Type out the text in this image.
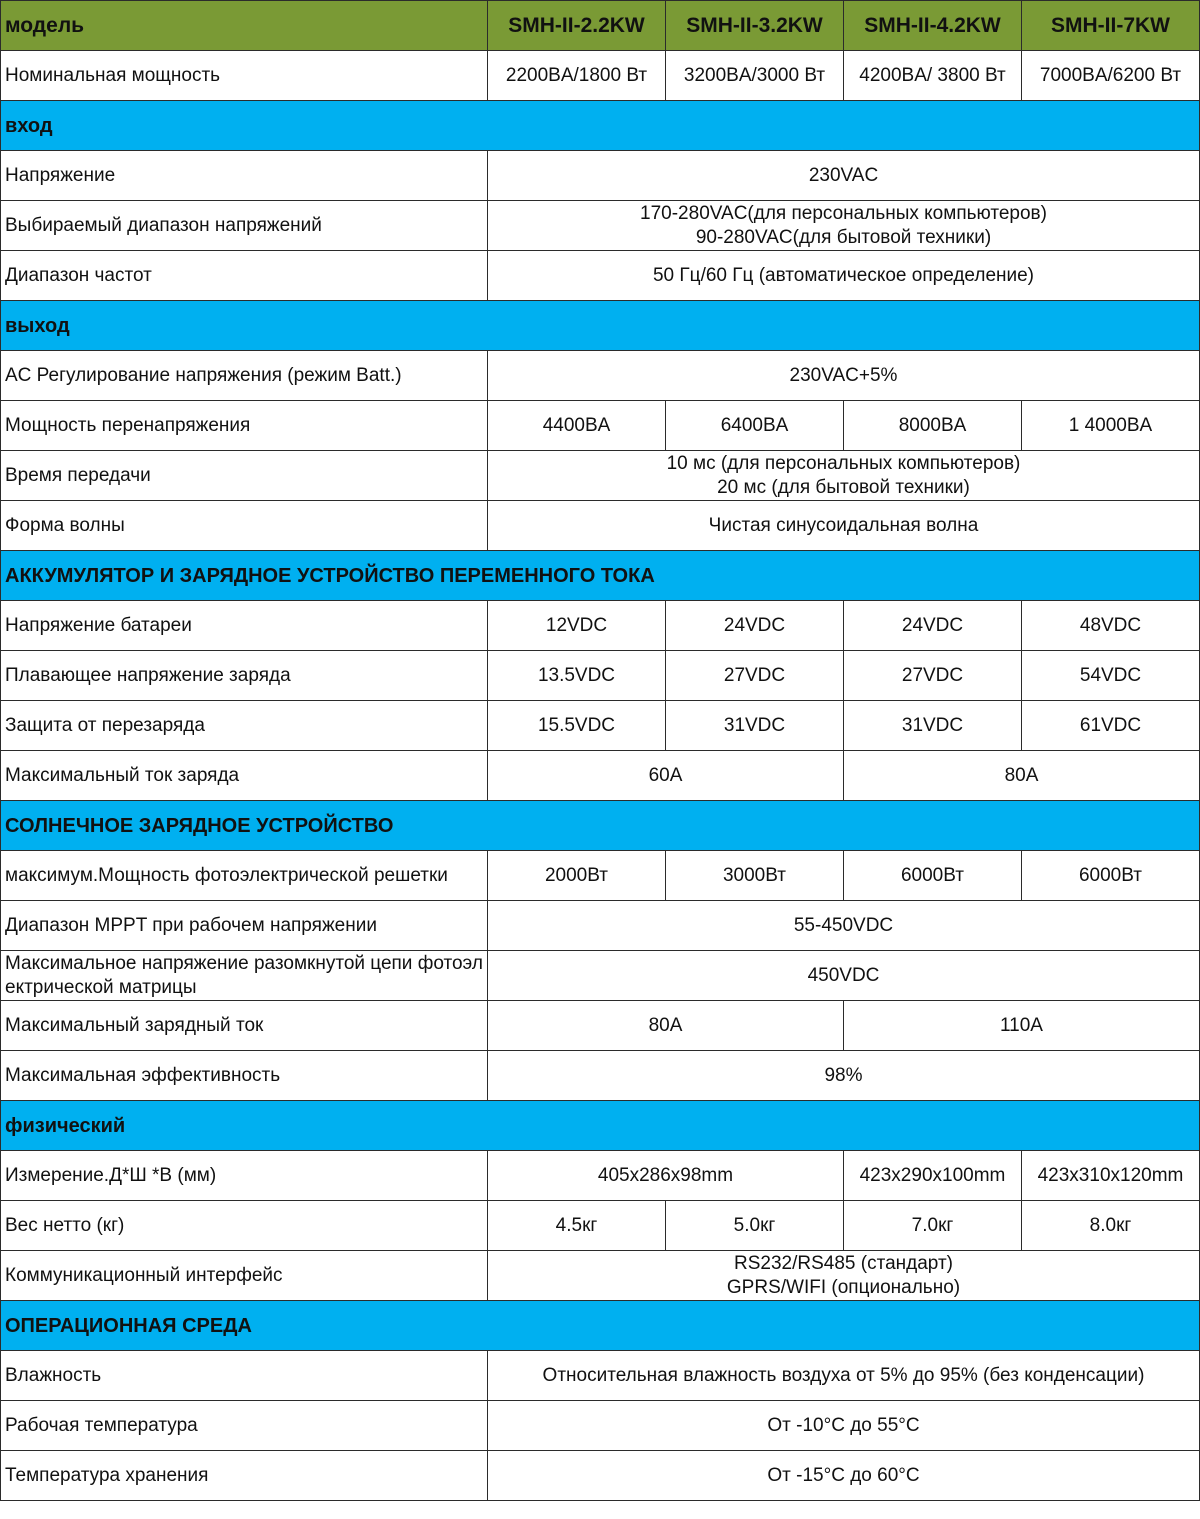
модель	SMH-II-2.2KW	SMH-II-3.2KW	SMH-II-4.2KW	SMH-II-7KW
Номинальная мощность	2200BA/1800 Вт	3200BA/3000 Вт	4200BA/ 3800 Вт	7000BA/6200 Вт
вход				
Напряжение	230VAC			
Выбираемый диапазон напряжений	170-280VAC(для персональных компьютеров)
90-280VAC(для бытовой техники)			

Диапазон частот	50 Гц/60 Гц (автоматическое определение)			
выход				
AC Регулирование напряжения (режим Batt.)	230VAC+5%			
Мощность перенапряжения	4400BA	6400BA	8000BA	1 4000BA
Время передачи	10 мс (для персональных компьютеров)
20 мс (для бытовой техники)			

Форма волны	Чистая синусоидальная волна			
АККУМУЛЯТОР И ЗАРЯДНОЕ УСТРОЙСТВО ПЕРЕМЕННОГО ТОКА				
Напряжение батареи	12VDC	24VDC	24VDC	48VDC
Плавающее напряжение заряда	13.5VDC	27VDC	27VDC	54VDC
Защита от перезаряда	15.5VDC	31VDC	31VDC	61VDC
Максимальный ток заряда	60A		80A	
СОЛНЕЧНОЕ ЗАРЯДНОЕ УСТРОЙСТВО				
максимум.Мощность фотоэлектрической решетки	2000Вт	3000Вт	6000Вт	6000Вт
Диапазон MPPT при рабочем напряжении	55-450VDC			
Максимальное напряжение разомкнутой цепи фотоэлектрической матрицы	450VDC			
Максимальный зарядный ток	80A		110A	
Максимальная эффективность	98%			
физический				
Измерение.Д*Ш *В (мм)	405x286x98mm		423x290x100mm	423x310x120mm
Вес нетто (кг)	4.5кг	5.0кг	7.0кг	8.0кг
Коммуникационный интерфейс	RS232/RS485 (стандарт)
GPRS/WIFI (опционально)			

ОПЕРАЦИОННАЯ СРЕДА				
Влажность	Относительная влажность воздуха от 5% до 95% (без конденсации)			
Рабочая температура	От -10°C до 55°C			
Температура хранения	От -15°C до 60°C			
